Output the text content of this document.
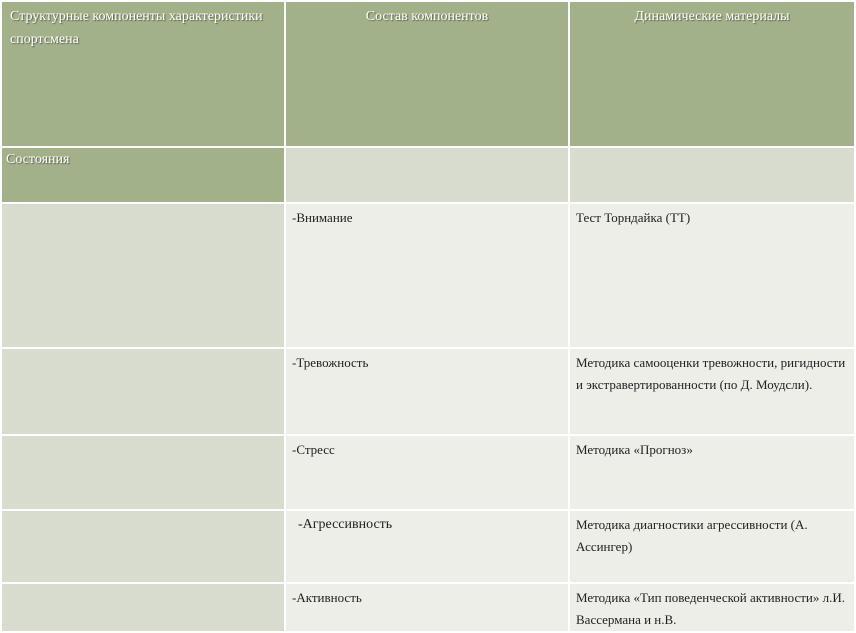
Структурные компоненты характеристики спортсмена	Состав компонентов	Динамические материалы
Состояния		
	-Внимание	Тест Торндайка (ТТ)
	-Тревожность	Методика самооценки тревожности, ригидности и экстравертированности (по Д. Моудсли).
	-Стресс	Методика «Прогноз»

	-Агрессивность	Методика диагностики агрессивности (А. Ассингер)
	-Активность	Методика «Тип поведенческой активности» л.И. Вассермана и н.В.
